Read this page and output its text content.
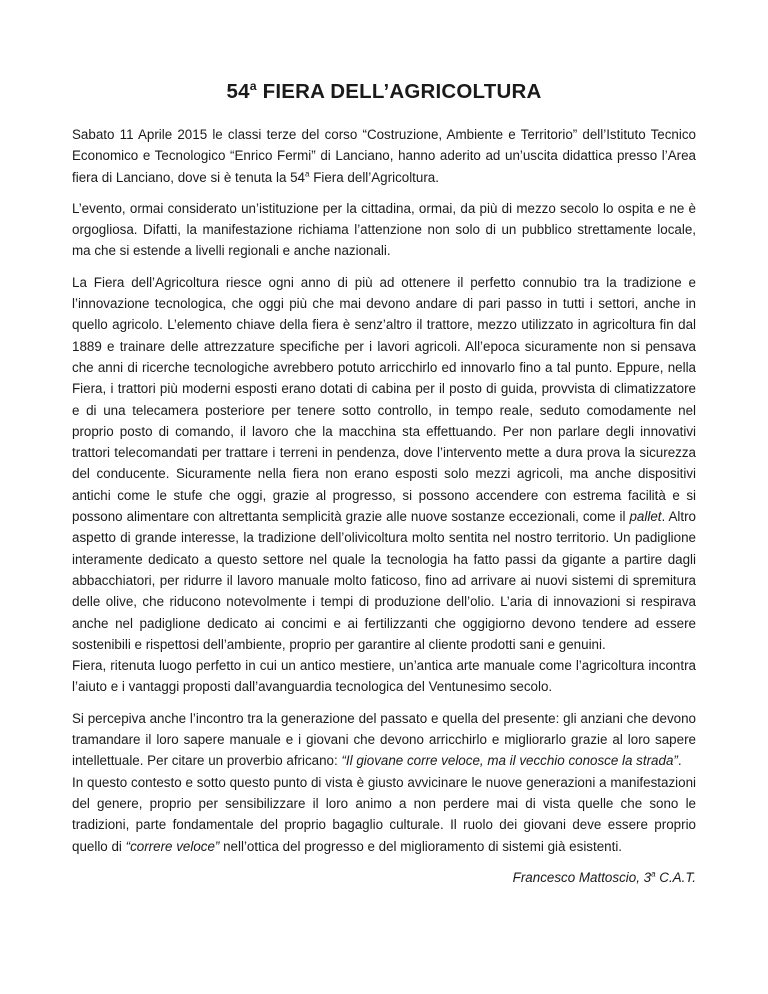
54$^a$ FIERA DELL’AGRICOLTURA

Sabato 11 Aprile 2015 le classi terze del corso “Costruzione, Ambiente e Territorio” dell’Istituto Tecnico Economico e Tecnologico “Enrico Fermi” di Lanciano, hanno aderito ad un’uscita didattica presso l’Area fiera di Lanciano, dove si è tenuta la 54$^a$ Fiera dell’Agricoltura.

L’evento, ormai considerato un’istituzione per la cittadina, ormai, da più di mezzo secolo lo ospita e ne è orgogliosa. Difatti, la manifestazione richiama l’attenzione non solo di un pubblico strettamente locale, ma che si estende a livelli regionali e anche nazionali.

La Fiera dell’Agricoltura riesce ogni anno di più ad ottenere il perfetto connubio tra la tradizione e l’innovazione tecnologica, che oggi più che mai devono andare di pari passo in tutti i settori, anche in quello agricolo. L’elemento chiave della fiera è senz’altro il trattore, mezzo utilizzato in agricoltura fin dal 1889 e trainare delle attrezzature specifiche per i lavori agricoli. All’epoca sicuramente non si pensava che anni di ricerche tecnologiche avrebbero potuto arricchirlo ed innovarlo fino a tal punto. Eppure, nella Fiera, i trattori più moderni esposti erano dotati di cabina per il posto di guida, provvista di climatizzatore e di una telecamera posteriore per tenere sotto controllo, in tempo reale, seduto comodamente nel proprio posto di comando, il lavoro che la macchina sta effettuando. Per non parlare degli innovativi trattori telecomandati per trattare i terreni in pendenza, dove l’intervento mette a dura prova la sicurezza del conducente. Sicuramente nella fiera non erano esposti solo mezzi agricoli, ma anche dispositivi antichi come le stufe che oggi, grazie al progresso, si possono accendere con estrema facilità e si possono alimentare con altrettanta semplicità grazie alle nuove sostanze eccezionali, come il pallet. Altro aspetto di grande interesse, la tradizione dell’olivicoltura molto sentita nel nostro territorio. Un padiglione interamente dedicato a questo settore nel quale la tecnologia ha fatto passi da gigante a partire dagli abbacchiatori, per ridurre il lavoro manuale molto faticoso, fino ad arrivare ai nuovi sistemi di spremitura delle olive, che riducono notevolmente i tempi di produzione dell’olio. L’aria di innovazioni si respirava anche nel padiglione dedicato ai concimi e ai fertilizzanti che oggigiorno devono tendere ad essere sostenibili e rispettosi dell’ambiente, proprio per garantire al cliente prodotti sani e genuini.

Fiera, ritenuta luogo perfetto in cui un antico mestiere, un’antica arte manuale come l’agricoltura incontra l’aiuto e i vantaggi proposti dall’avanguardia tecnologica del Ventunesimo secolo.

Si percepiva anche l’incontro tra la generazione del passato e quella del presente: gli anziani che devono tramandare il loro sapere manuale e i giovani che devono arricchirlo e migliorarlo grazie al loro sapere intellettuale. Per citare un proverbio africano: “Il giovane corre veloce, ma il vecchio conosce la strada”.

In questo contesto e sotto questo punto di vista è giusto avvicinare le nuove generazioni a manifestazioni del genere, proprio per sensibilizzare il loro animo a non perdere mai di vista quelle che sono le tradizioni, parte fondamentale del proprio bagaglio culturale. Il ruolo dei giovani deve essere proprio quello di “correre veloce” nell’ottica del progresso e del miglioramento di sistemi già esistenti.

Francesco Mattoscio, 3$^a$ C.A.T.
